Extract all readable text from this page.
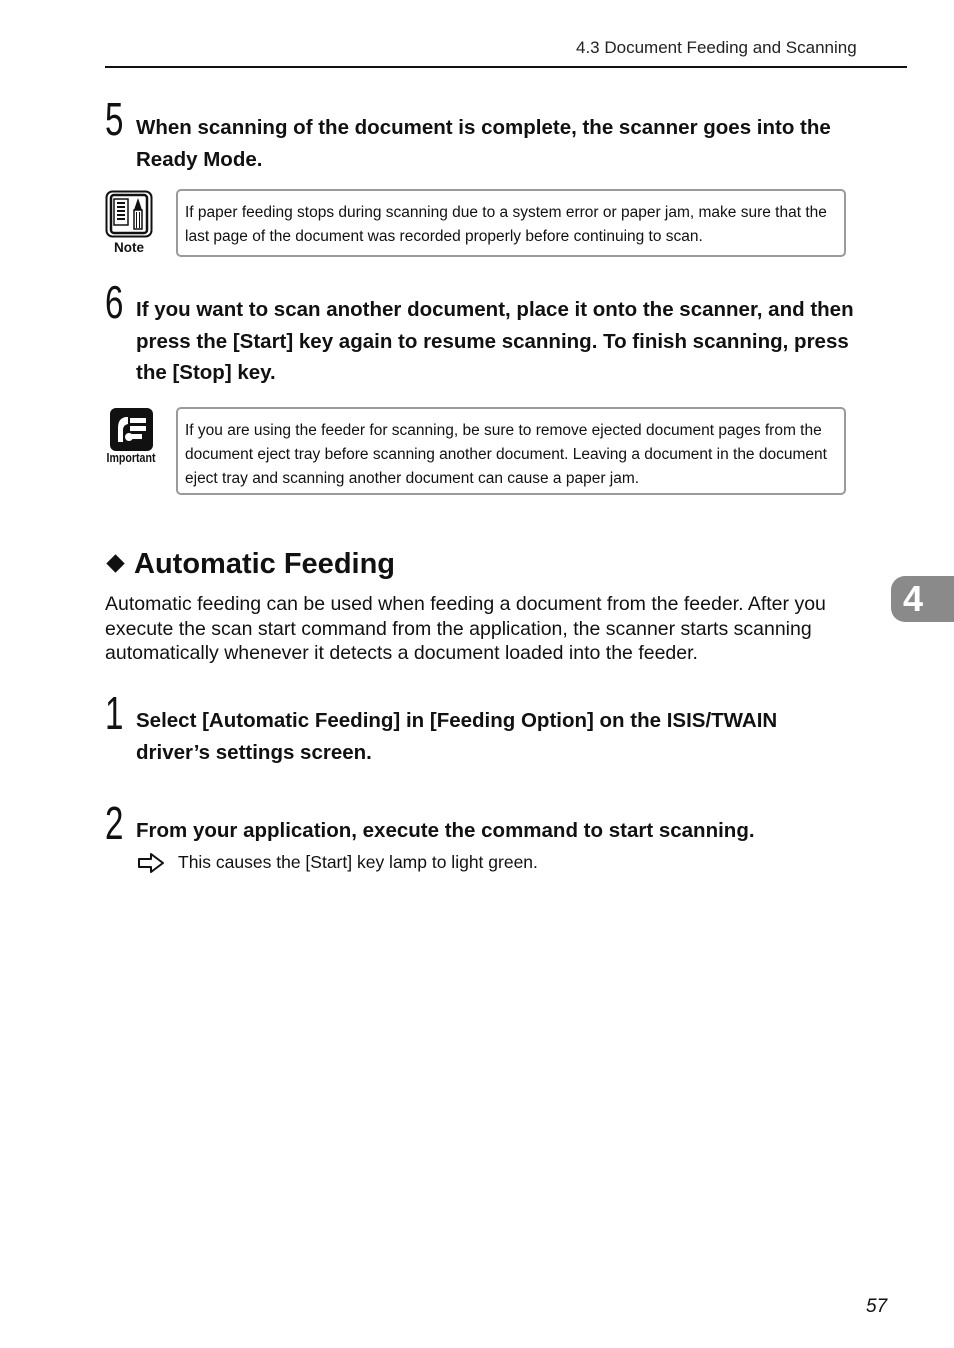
4.3 Document Feeding and Scanning
5 When scanning of the document is complete, the scanner goes into the Ready Mode.
Note
If paper feeding stops during scanning due to a system error or paper jam, make sure that the last page of the document was recorded properly before continuing to scan.
6 If you want to scan another document, place it onto the scanner, and then press the [Start] key again to resume scanning. To finish scanning, press the [Stop] key.
Important
If you are using the feeder for scanning, be sure to remove ejected document pages from the document eject tray before scanning another document. Leaving a document in the document eject tray and scanning another document can cause a paper jam.
Automatic Feeding
Automatic feeding can be used when feeding a document from the feeder. After you execute the scan start command from the application, the scanner starts scanning automatically whenever it detects a document loaded into the feeder.
1 Select [Automatic Feeding] in [Feeding Option] on the ISIS/TWAIN driver’s settings screen.
2 From your application, execute the command to start scanning.
This causes the [Start] key lamp to light green.
4
57
